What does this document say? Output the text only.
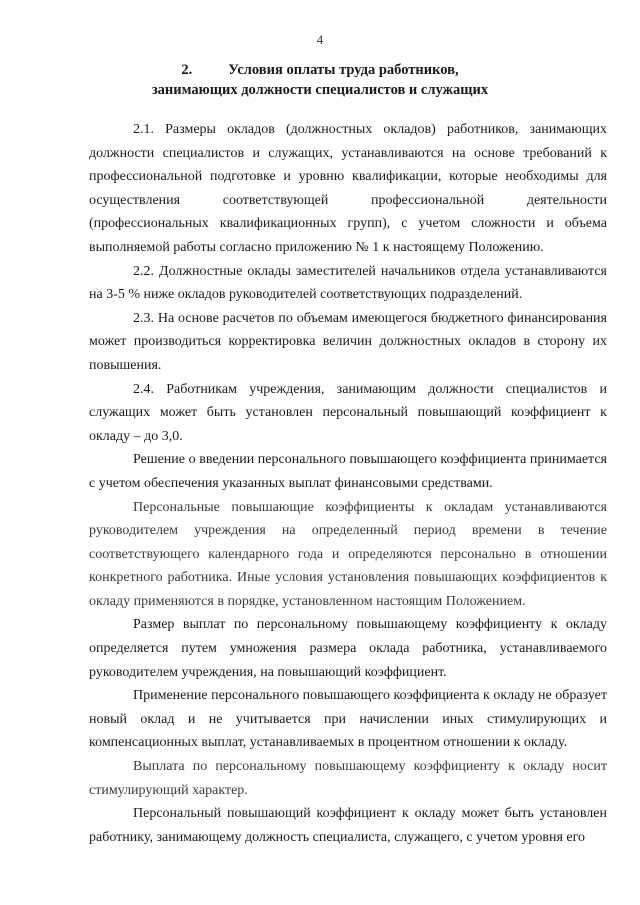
4
2. Условия оплаты труда работников,
занимающих должности специалистов и служащих

2.1. Размеры окладов (должностных окладов) работников, занимающих должности специалистов и служащих, устанавливаются на основе требований к профессиональной подготовке и уровню квалификации, которые необходимы для осуществления соответствующей профессиональной деятельности (профессиональных квалификационных групп), с учетом сложности и объема выполняемой работы согласно приложению № 1 к настоящему Положению.

2.2. Должностные оклады заместителей начальников отдела устанавливаются на 3-5 % ниже окладов руководителей соответствующих подразделений.

2.3. На основе расчетов по объемам имеющегося бюджетного финансирования может производиться корректировка величин должностных окладов в сторону их повышения.

2.4. Работникам учреждения, занимающим должности специалистов и служащих может быть установлен персональный повышающий коэффициент к окладу – до 3,0.

Решение о введении персонального повышающего коэффициента принимается с учетом обеспечения указанных выплат финансовыми средствами.

Персональные повышающие коэффициенты к окладам устанавливаются руководителем учреждения на определенный период времени в течение соответствующего календарного года и определяются персонально в отношении конкретного работника. Иные условия установления повышающих коэффициентов к окладу применяются в порядке, установленном настоящим Положением.

Размер выплат по персональному повышающему коэффициенту к окладу определяется путем умножения размера оклада работника, устанавливаемого руководителем учреждения, на повышающий коэффициент.

Применение персонального повышающего коэффициента к окладу не образует новый оклад и не учитывается при начислении иных стимулирующих и компенсационных выплат, устанавливаемых в процентном отношении к окладу.

Выплата по персональному повышающему коэффициенту к окладу носит стимулирующий характер.

Персональный повышающий коэффициент к окладу может быть установлен работнику, занимающему должность специалиста, служащего, с учетом уровня его
